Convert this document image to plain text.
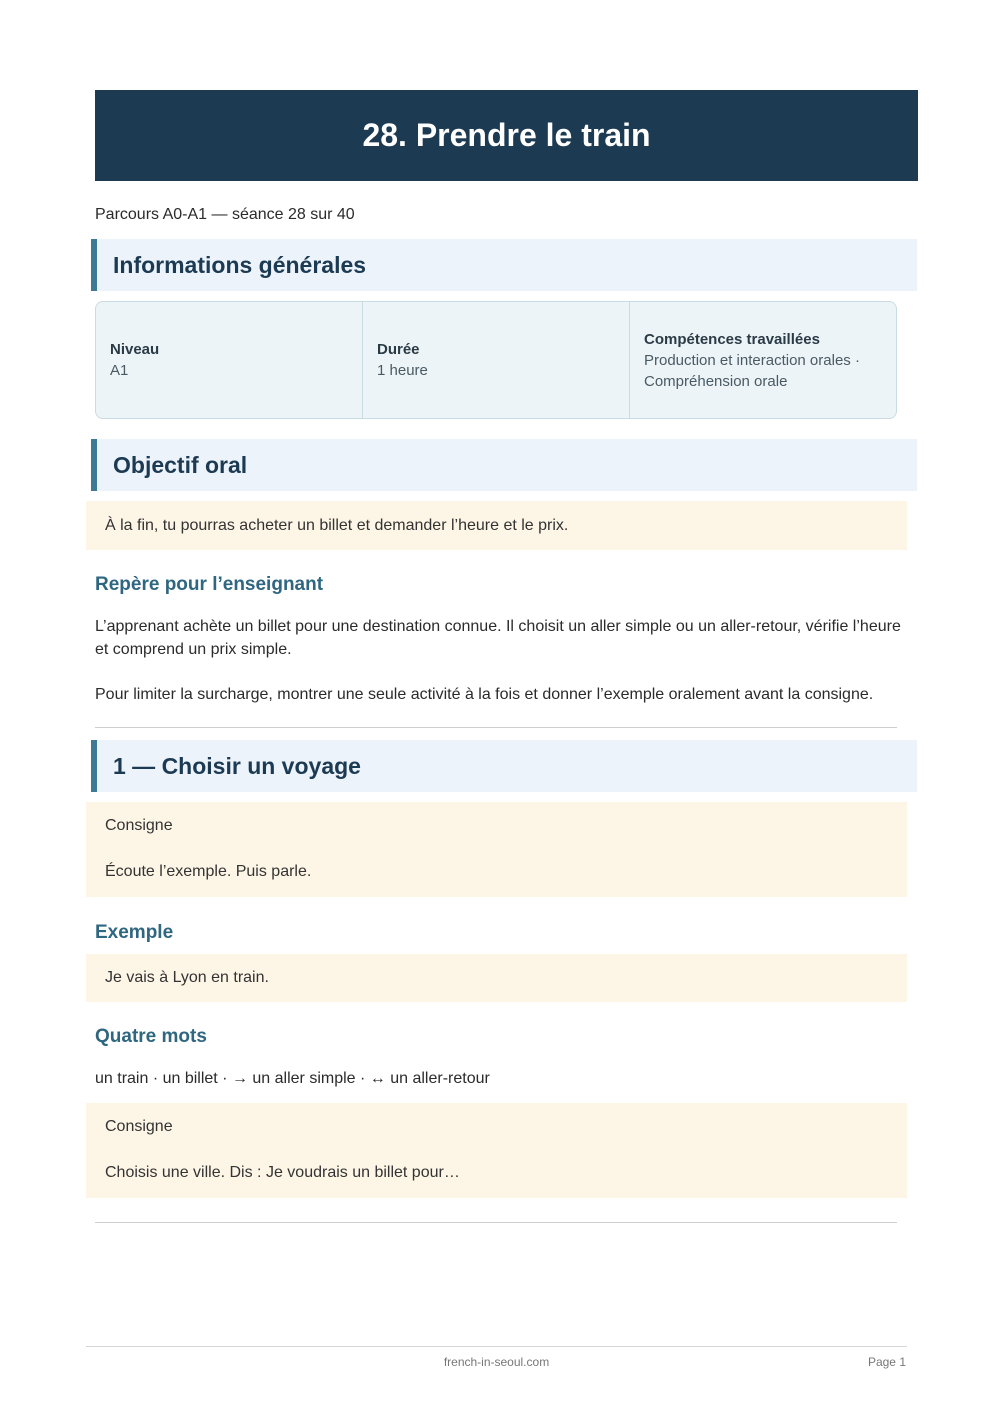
28. Prendre le train
Parcours A0-A1 — séance 28 sur 40
Informations générales
Niveau
A1
Durée
1 heure
Compétences travaillées
Production et interaction orales ·
Compréhension orale
Objectif oral
À la fin, tu pourras acheter un billet et demander l’heure et le prix.
Repère pour l’enseignant
L’apprenant achète un billet pour une destination connue. Il choisit un aller simple ou un aller-retour, vérifie l’heure et comprend un prix simple.
Pour limiter la surcharge, montrer une seule activité à la fois et donner l’exemple oralement avant la consigne.
1 — Choisir un voyage
Consigne
Écoute l’exemple. Puis parle.
Exemple
Je vais à Lyon en train.
Quatre mots
un train · un billet · → un aller simple · ↔ un aller-retour
Consigne
Choisis une ville. Dis : Je voudrais un billet pour…
french-in-seoul.com	Page 1
